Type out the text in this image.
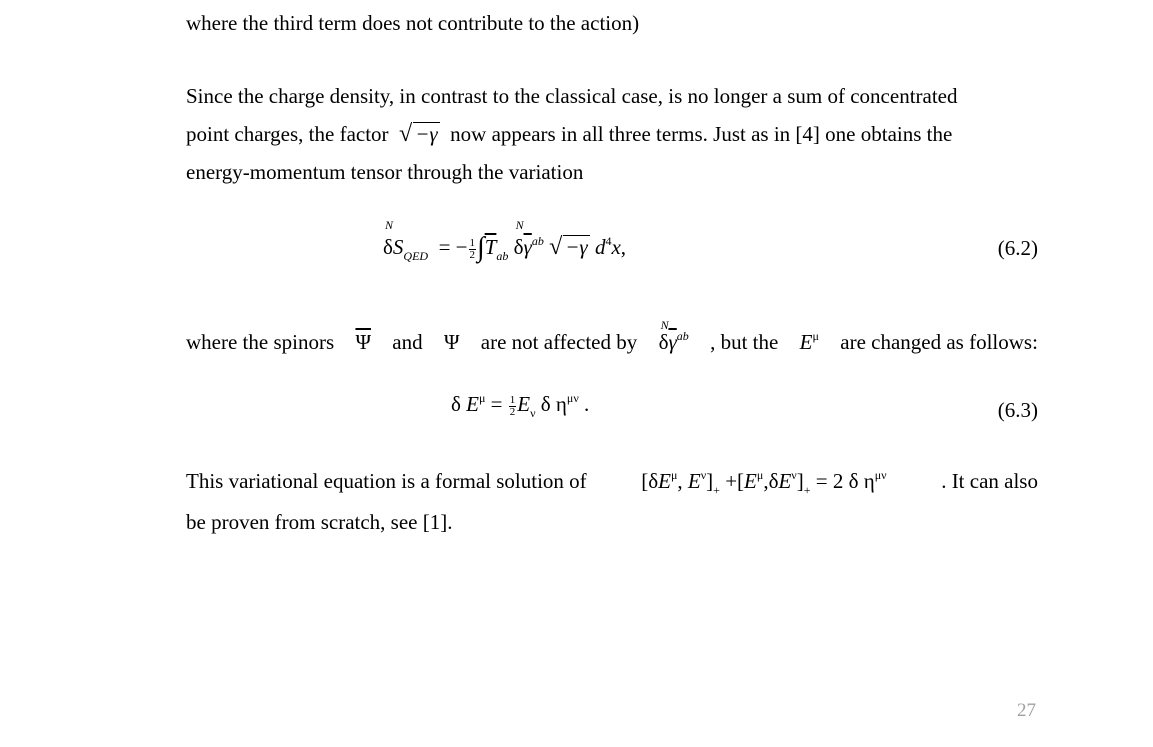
where the third term does not contribute to the action)
Since the charge density, in contrast to the classical case, is no longer a sum of concentrated
point charges, the factor √ −γ now appears in all three terms. Just as in [4] one obtains the
energy-momentum tensor through the variation
N
$\delta S_{QED}$ = − $\frac{1}{2} \int\overline{T}_{ab}$
N
$\delta\overline{\gamma}^{ab}$ √ −γ $d^4x$,	(6.2)
where the spinors $\overline{\Psi}$ and Ψ are not affected by
N
$\delta\overline{\gamma}^{ab}$ , but the $E^\mu$ are changed as follows:
δ $E^\mu = \frac{1}{2} E_\nu$ δ $\eta^{\mu\nu}$ .	(6.3)
This variational equation is a formal solution of	[$\delta E^\mu$, $E^\nu]_+ +[E^\mu,\delta E^\nu]_+ = 2$ δ $\eta^{\mu\nu}$	. It can also
be proven from scratch, see [1].
27
